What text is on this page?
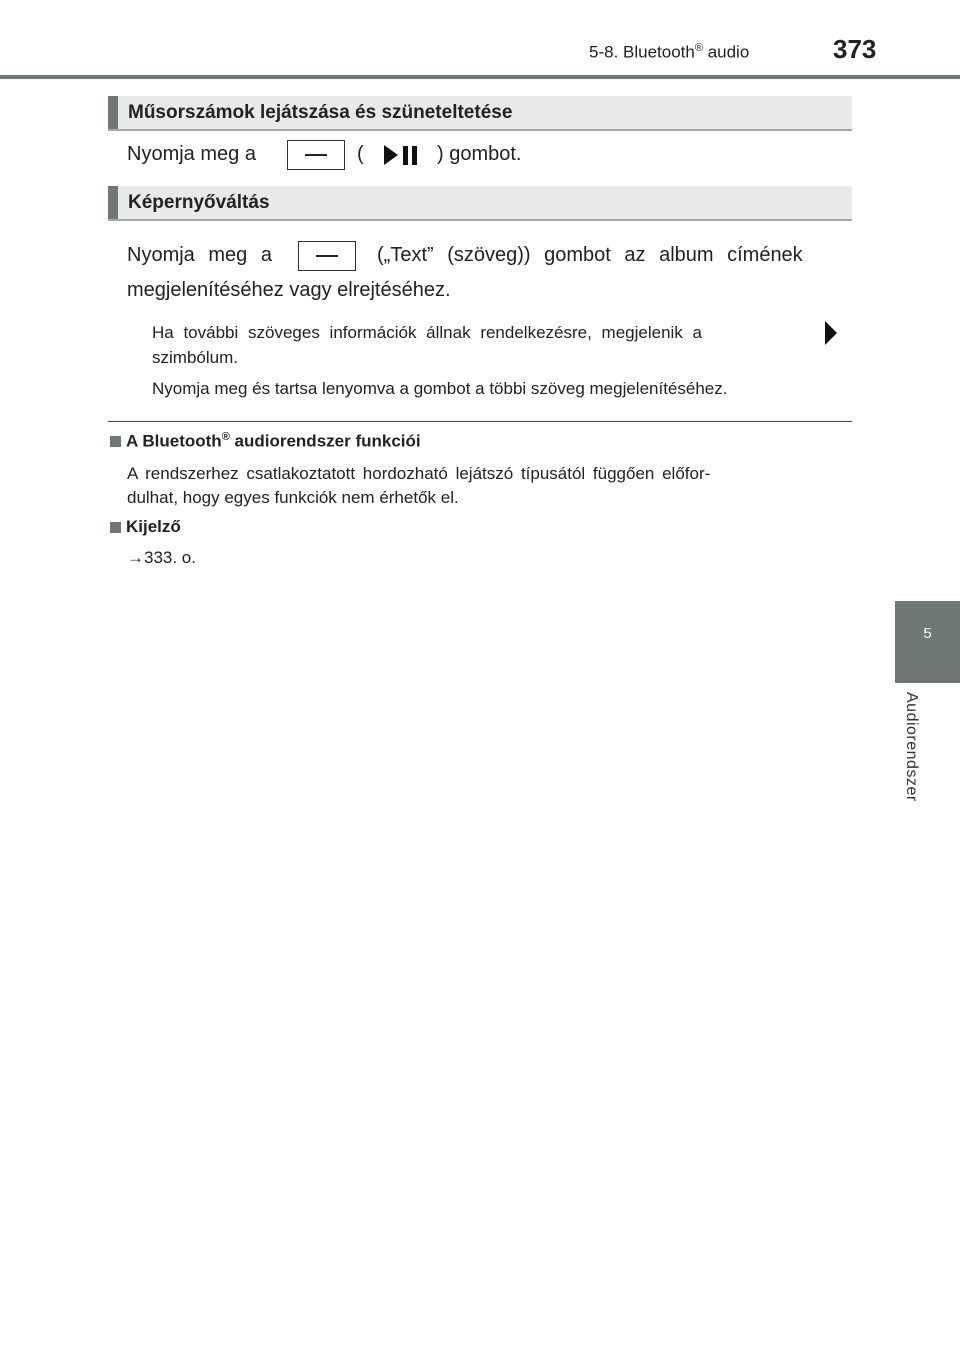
5-8. Bluetooth® audio	373
5
Audiorendszer
Műsorszámok lejátszása és szüneteltetése
Nyomja meg a	(	) gombot.
Képernyőváltás
Nyomja meg a	(„Text” (szöveg)) gombot az album címének
megjelenítéséhez vagy elrejtéséhez.
Ha további szöveges információk állnak rendelkezésre, megjelenik a
szimbólum.
Nyomja meg és tartsa lenyomva a gombot a többi szöveg megjelenítéséhez.
A Bluetooth® audiorendszer funkciói
A rendszerhez csatlakoztatott hordozható lejátszó típusától függően előfor-
dulhat, hogy egyes funkciók nem érhetők el.
Kijelző
→333. o.
